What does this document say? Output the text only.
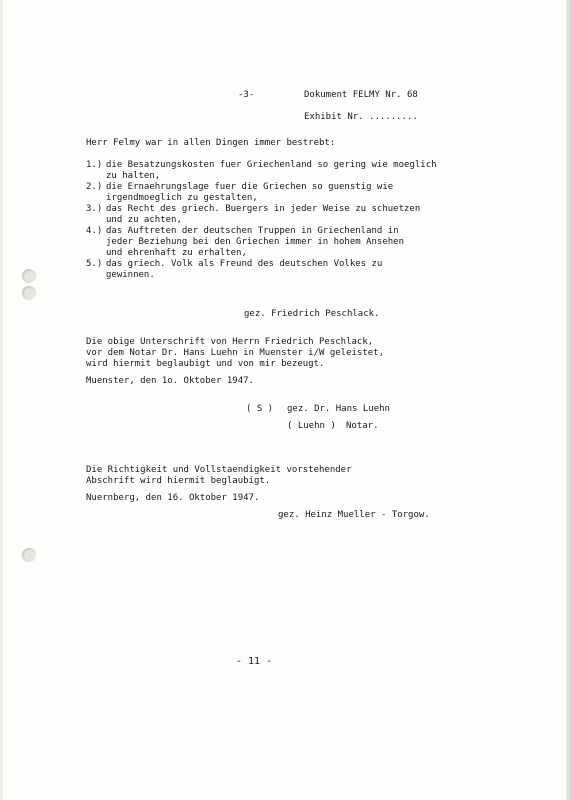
-3-	Dokument FELMY Nr. 68
Exhibit Nr. .........
Herr Felmy war in allen Dingen immer bestrebt:
1.) die Besatzungskosten fuer Griechenland so gering wie moeglich
zu halten,
2.) die Ernaehrungslage fuer die Griechen so guenstig wie
irgendmoeglich zu gestalten,
3.) das Recht des griech. Buergers in jeder Weise zu schuetzen
und zu achten,
4.) das Auftreten der deutschen Truppen in Griechenland in
jeder Beziehung bei den Griechen immer in hohem Ansehen
und ehrenhaft zu erhalten,
5.) das griech. Volk als Freund des deutschen Volkes zu
gewinnen.
gez. Friedrich Peschlack.
Die obige Unterschrift von Herrn Friedrich Peschlack,
vor dem Notar Dr. Hans Luehn in Muenster i/W geleistet,
wird hiermit beglaubigt und von mir bezeugt.
Muenster, den 1o. Oktober 1947.
( S ) gez. Dr. Hans Luehn
( Luehn ) Notar.
Die Richtigkeit und Vollstaendigkeit vorstehender
Abschrift wird hiermit beglaubigt.
Nuernberg, den 16. Oktober 1947.
gez. Heinz Mueller - Torgow.
- 11 -
